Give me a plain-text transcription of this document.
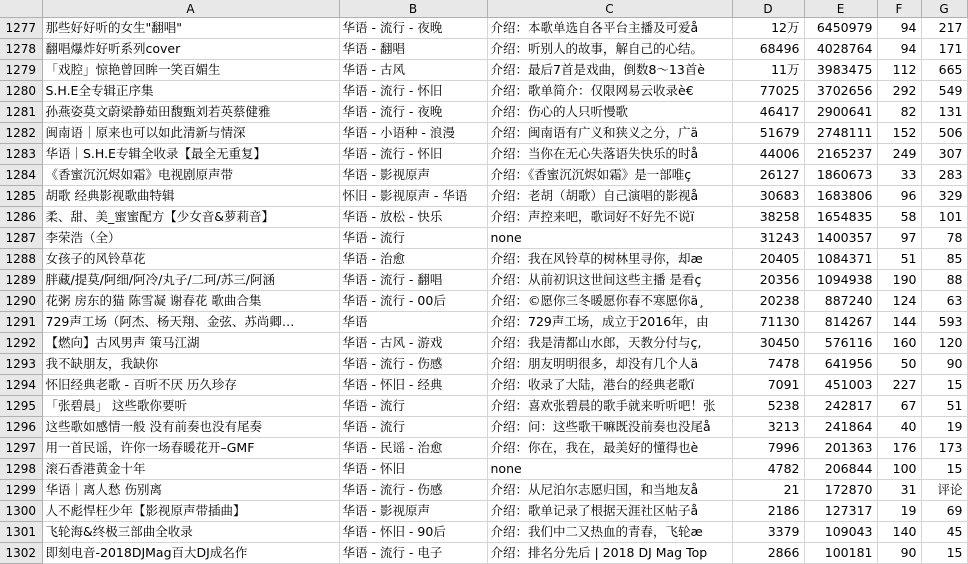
	A	B	C	D	E	F	G
1277	那些好好听的女生"翻唱"	华语 - 流行 - 夜晚	介绍：本歌单选自各平台主播及可爱å	12万	6450979	94	217
1278	翻唱爆炸好听系列cover	华语 - 翻唱	介绍：听别人的故事，解自己的心结。	68496	4028764	94	171
1279	「戏腔」惊艳曾回眸一笑百媚生	华语 - 古风	介绍：最后7首是戏曲，倒数8～13首è	11万	3983475	112	665
1280	S.H.E全专辑正序集	华语 - 流行 - 怀旧	介绍：歌单简介：仅限网易云收录è€	77025	3702656	292	549
1281	孙燕姿莫文蔚梁静茹田馥甄刘若英蔡健雅	华语 - 流行 - 夜晚	介绍：伤心的人只听慢歌	46417	2900641	82	131
1282	闽南语｜原来也可以如此清新与情深	华语 - 小语种 - 浪漫	介绍：闽南语有广义和狭义之分，广ä	51679	2748111	152	506
1283	华语｜S.H.E专辑全收录【最全无重复】	华语 - 流行 - 怀旧	介绍：当你在无心失落语失快乐的时å	44006	2165237	249	307
1284	《香蜜沉沉烬如霜》电视剧原声带	华语 - 影视原声	介绍：《香蜜沉沉烬如霜》是一部唯ç	26127	1860673	33	283
1285	胡歌 经典影视歌曲特辑	怀旧 - 影视原声 - 华语	介绍：老胡（胡歌）自己演唱的影视å	30683	1683806	96	329
1286	柔、甜、美_蜜蜜配方【少女音&萝莉音】	华语 - 放松 - 快乐	介绍：声控来吧，歌词好不好先不说ï	38258	1654835	58	101
1287	李荣浩（全）	华语 - 流行	none	31243	1400357	97	78
1288	女孩子的风铃草花	华语 - 治愈	介绍：我在风铃草的树林里寻你，却æ	20405	1084371	51	85
1289	胖藏/提莫/阿细/阿冷/丸子/二珂/苏三/阿涵	华语 - 流行 - 翻唱	介绍：从前初识这世间这些主播 是看ç	20356	1094938	190	88
1290	花粥 房东的猫 陈雪凝 谢春花 歌曲合集	华语 - 流行 - 00后	介绍：©愿你三冬暖愿你春不寒愿你ä¸	20238	887240	124	63
1291	729声工场（阿杰、杨天翔、金弦、苏尚卿…	华语	介绍：729声工场，成立于2016年，由	71130	814267	144	593
1292	【燃向】古风男声 策马江湖	华语 - 古风 - 游戏	介绍：我是清都山水郎，天教分付与ç‚	30450	576116	160	120
1293	我不缺朋友，我缺你	华语 - 流行 - 伤感	介绍：朋友明明很多，却没有几个人ä	7478	641956	50	90
1294	怀旧经典老歌 - 百听不厌 历久珍存	华语 - 怀旧 - 经典	介绍：收录了大陆，港台的经典老歌ï	7091	451003	227	15
1295	「张碧晨」 这些歌你要听	华语 - 流行	介绍：喜欢张碧晨的歌手就来听听吧！张	5238	242817	67	51
1296	这些歌如感情一般 没有前奏也没有尾奏	华语 - 流行	介绍：问：这些歌干嘛既没前奏也没尾å	3213	241864	40	19
1297	用一首民谣，许你一场春暖花开–GMF	华语 - 民谣 - 治愈	介绍：你在，我在，最美好的懂得也è	7996	201363	176	173
1298	滚石香港黄金十年	华语 - 怀旧	none	4782	206844	100	15
1299	华语｜离人愁 伤别离	华语 - 流行 - 伤感	介绍：从尼泊尔志愿归国，和当地友å	21	172870	31	评论
1300	人不彪悍枉少年【影视原声带插曲】	华语 - 影视原声	介绍：歌单记录了根据天涯社区帖子å	2186	127317	19	69
1301	飞轮海&终极三部曲全收录	华语 - 怀旧 - 90后	介绍：我们中二又热血的青春，飞轮æ	3379	109043	140	45
1302	即刻电音-2018DJMag百大DJ成名作	华语 - 流行 - 电子	介绍：排名分先后 | 2018 DJ Mag Top	2866	100181	90	15
